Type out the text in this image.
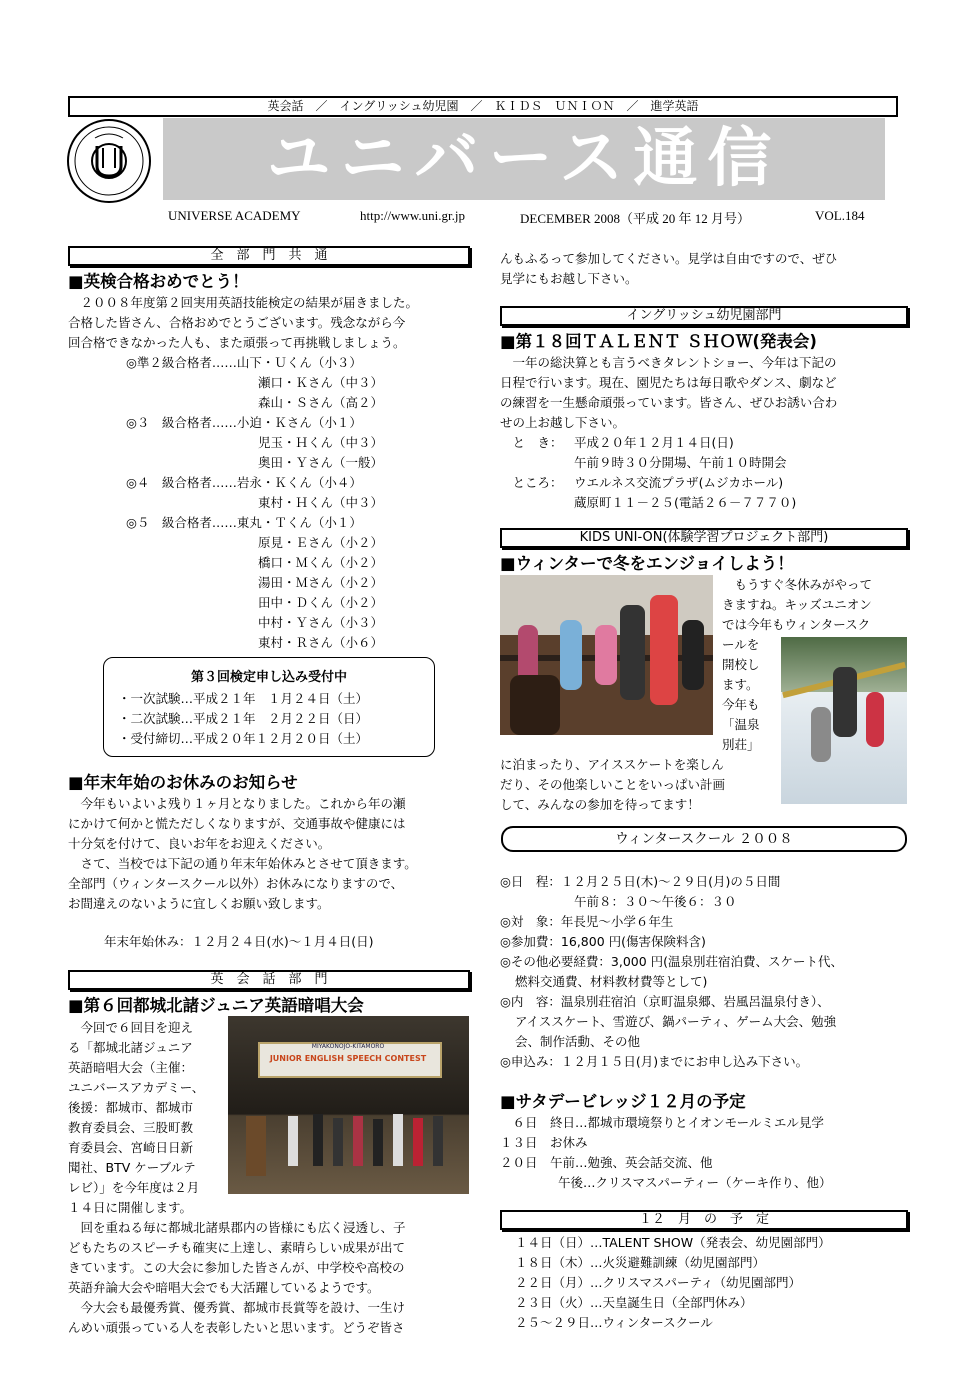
英会話　／　イングリッシュ幼児園　／　ＫＩＤＳ　ＵＮＩＯＮ　／　進学英語
ユニバース通信
UNIVERSE ACADEMY	http://www.uni.gr.jp	DECEMBER 2008（平成 20 年 12 月号）	VOL.184
全　部　門　共　通
■英検合格おめでとう！
　２００８年度第２回実用英語技能検定の結果が届きました。
合格した皆さん、合格おめでとうございます。残念ながら今
回合格できなかった人も、また頑張って再挑戦しましょう。
◎準２級合格者……山下・Ｕくん（小３）
瀬口・Ｋさん（中３）
森山・Ｓさん（高２）
◎３　級合格者……小迫・Ｋさん（小１）
児玉・Ｈくん（中３）
奥田・Ｙさん（一般）
◎４　級合格者……岩永・Ｋくん（小４）
東村・Ｈくん（中３）
◎５　級合格者……東丸・Ｔくん（小１）
原見・Ｅさん（小２）
橋口・Ｍくん（小２）
湯田・Ｍさん（小２）
田中・Ｄくん（小２）
中村・Ｙさん（小３）
東村・Ｒさん（小６）
第３回検定申し込み受付中
・一次試験…平成２１年　１月２４日（土）
・二次試験…平成２１年　２月２２日（日）
・受付締切…平成２０年１２月２０日（土）
■年末年始のお休みのお知らせ
　今年もいよいよ残り１ヶ月となりました。これから年の瀬
にかけて何かと慌ただしくなりますが、交通事故や健康には
十分気を付けて、良いお年をお迎えください。
　さて、当校では下記の通り年末年始休みとさせて頂きます。
全部門（ウィンタースクール以外）お休みになりますので、
お間違えのないように宜しくお願い致します。
年末年始休み：１２月２４日(水)～１月４日(日)
英　会　話　部　門
■第６回都城北諸ジュニア英語暗唱大会
　今回で６回目を迎え
る「都城北諸ジュニア
英語暗唱大会（主催：
ユニバースアカデミー、
後援：都城市、都城市
教育委員会、三股町教
育委員会、宮崎日日新
聞社、BTV ケーブルテ
レビ）」を今年度は２月
１４日に開催します。
　回を重ねる毎に都城北諸県郡内の皆様にも広く浸透し、子
どもたちのスピーチも確実に上達し、素晴らしい成果が出て
きています。この大会に参加した皆さんが、中学校や高校の
英語弁論大会や暗唱大会でも大活躍しているようです。
　今大会も最優秀賞、優秀賞、都城市長賞等を設け、一生け
んめい頑張っている人を表彰したいと思います。どうぞ皆さ
MIYAKONOJO-KITAMORO
JUNIOR ENGLISH SPEECH CONTEST
んもふるって参加してください。見学は自由ですので、ぜひ
見学にもお越し下さい。
イングリッシュ幼児園部門
■第１８回ＴＡＬＥＮＴ ＳＨＯＷ(発表会)
　一年の総決算とも言うべきタレントショー、今年は下記の
日程で行います。現在、園児たちは毎日歌やダンス、劇など
の練習を一生懸命頑張っています。皆さん、ぜひお誘い合わ
せの上お越し下さい。
　と　き： 平成２０年１２月１４日(日)
午前９時３０分開場、午前１０時開会
　ところ： ウエルネス交流プラザ(ムジカホール)
蔵原町１１－２５(電話２６－７７７０)
KIDS UNI-ON(体験学習プロジェクト部門)
■ウィンターで冬をエンジョイしよう！
　もうすぐ冬休みがやって
きますね。キッズユニオン
では今年もウィンタースク
ールを
開校し
ます。
今年も
「温泉
別荘」
に泊まったり、アイススケートを楽しん
だり、その他楽しいことをいっぱい計画
して、みんなの参加を待ってます！
ウィンタースクール ２００８
◎日　程：１２月２５日(木)～２９日(月)の５日間
午前８：３０～午後６：３０
◎対　象：年長児～小学６年生
◎参加費：16,800 円(傷害保険料含)
◎その他必要経費：3,000 円(温泉別荘宿泊費、スケート代、
燃料交通費、材料教材費等として)
◎内　容：温泉別荘宿泊（京町温泉郷、岩風呂温泉付き）、
アイススケート、雪遊び、鍋パーティ、ゲーム大会、勉強
会、制作活動、その他
◎申込み：１２月１５日(月)までにお申し込み下さい。
■サタデービレッジ１２月の予定
　６日　終日…都城市環境祭りとイオンモールミエル見学
１３日　お休み
２０日　午前…勉強、英会話交流、他
午後…クリスマスパーティー（ケーキ作り、他）
１２　月　の　予　定
１４日（日）…TALENT SHOW（発表会、幼児園部門）
１８日（木）…火災避難訓練（幼児園部門）
２２日（月）…クリスマスパーティ（幼児園部門）
２３日（火）…天皇誕生日（全部門休み）
２５～２９日…ウィンタースクール
